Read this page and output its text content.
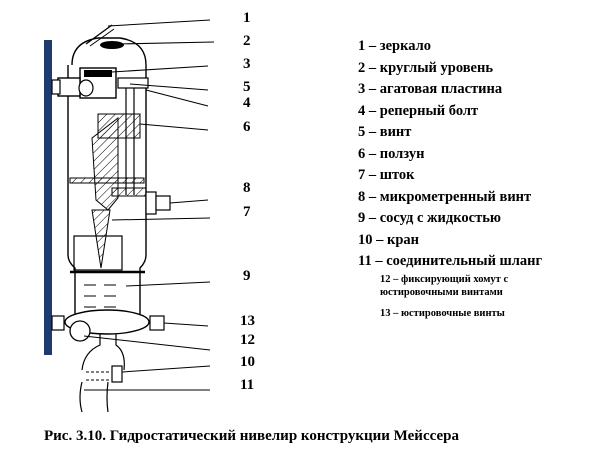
1
2
3
5
4
6
8
7
9
13
12
10
11
1 – зеркало
2 – круглый уровень
3 – агатовая пластина
4 – реперный болт
5 – винт
6 – ползун
7 – шток
8 – микрометренный винт
9 – сосуд с жидкостью
10 – кран
11 – соединительный шланг
12 – фиксирующий хомут с
юстировочными винтами
13 – юстировочные винты
Рис. 3.10. Гидростатический нивелир конструкции Мейссера
